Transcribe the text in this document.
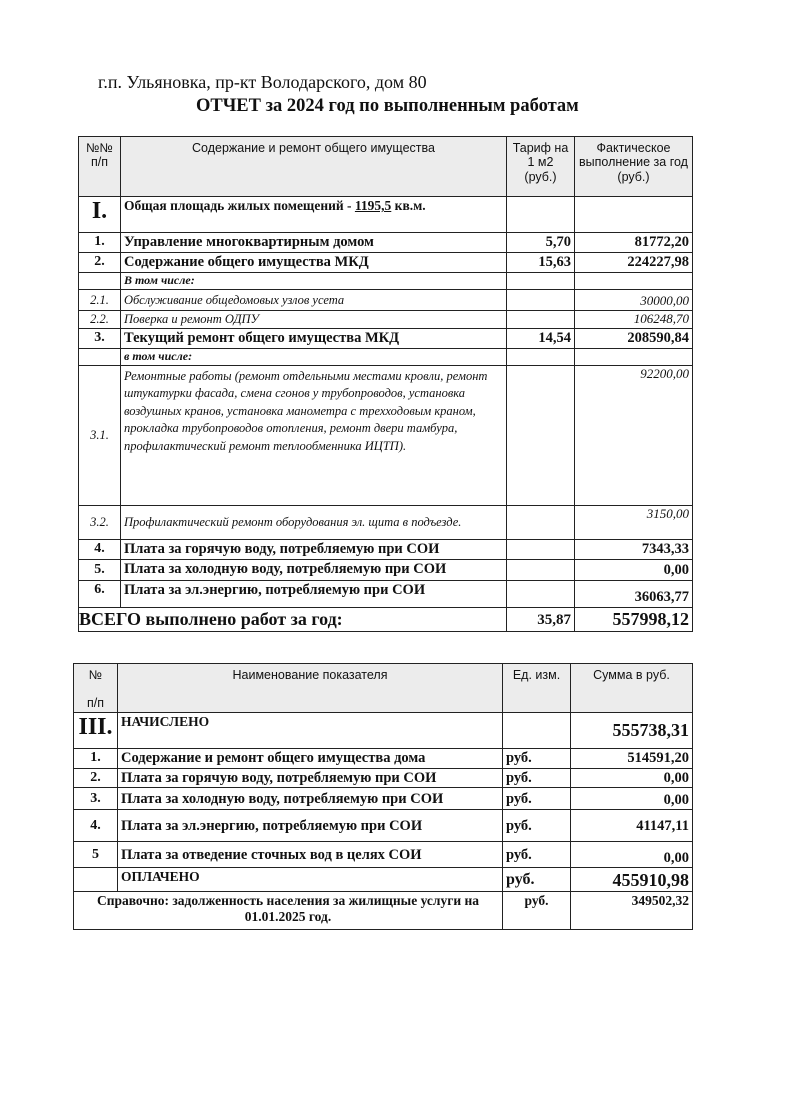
г.п. Ульяновка, пр-кт Володарского, дом 80
ОТЧЕТ за 2024 год по выполненным работам
№№ п/п	Содержание и ремонт общего имущества	Тариф на 1 м2 (руб.)	Фактическое выполнение за год (руб.)
I.	Общая площадь жилых помещений - 1195,5 кв.м.		
1.	Управление многоквартирным домом	5,70	81772,20
2.	Содержание общего имущества МКД	15,63	224227,98
	В том числе:		
2.1.	Обслуживание общедомовых узлов усета		30000,00
2.2.	Поверка и ремонт ОДПУ		106248,70
3.	Текущий ремонт общего имущества МКД	14,54	208590,84
	в том числе:		
3.1.	Ремонтные работы (ремонт отдельными местами кровли, ремонт штукатурки фасада, смена сгонов у трубопроводов, установка воздушных кранов, установка манометра с трехходовым краном, прокладка трубопроводов отопления, ремонт двери тамбура, профилактический ремонт теплообменника ИЦТП).		92200,00
3.2.	Профилактический ремонт оборудования эл. щита в подъезде.		3150,00
4.	Плата за горячую воду, потребляемую при СОИ		7343,33
5.	Плата за холодную воду, потребляемую при СОИ		0,00
6.	Плата за эл.энергию, потребляемую при СОИ		36063,77
ВСЕГО выполнено работ за год:		35,87	557998,12
№
п/п	Наименование показателя	Ед. изм.	Сумма в руб.
III.	НАЧИСЛЕНО		555738,31
1.	Содержание и ремонт общего имущества дома	руб.	514591,20
2.	Плата за горячую воду, потребляемую при СОИ	руб.	0,00
3.	Плата за холодную воду, потребляемую при СОИ	руб.	0,00
4.	Плата за эл.энергию, потребляемую при СОИ	руб.	41147,11
5	Плата за отведение сточных вод в целях СОИ	руб.	0,00
	ОПЛАЧЕНО	руб.	455910,98
Справочно: задолженность населения за жилищные услуги на 01.01.2025 год.		руб.	349502,32
